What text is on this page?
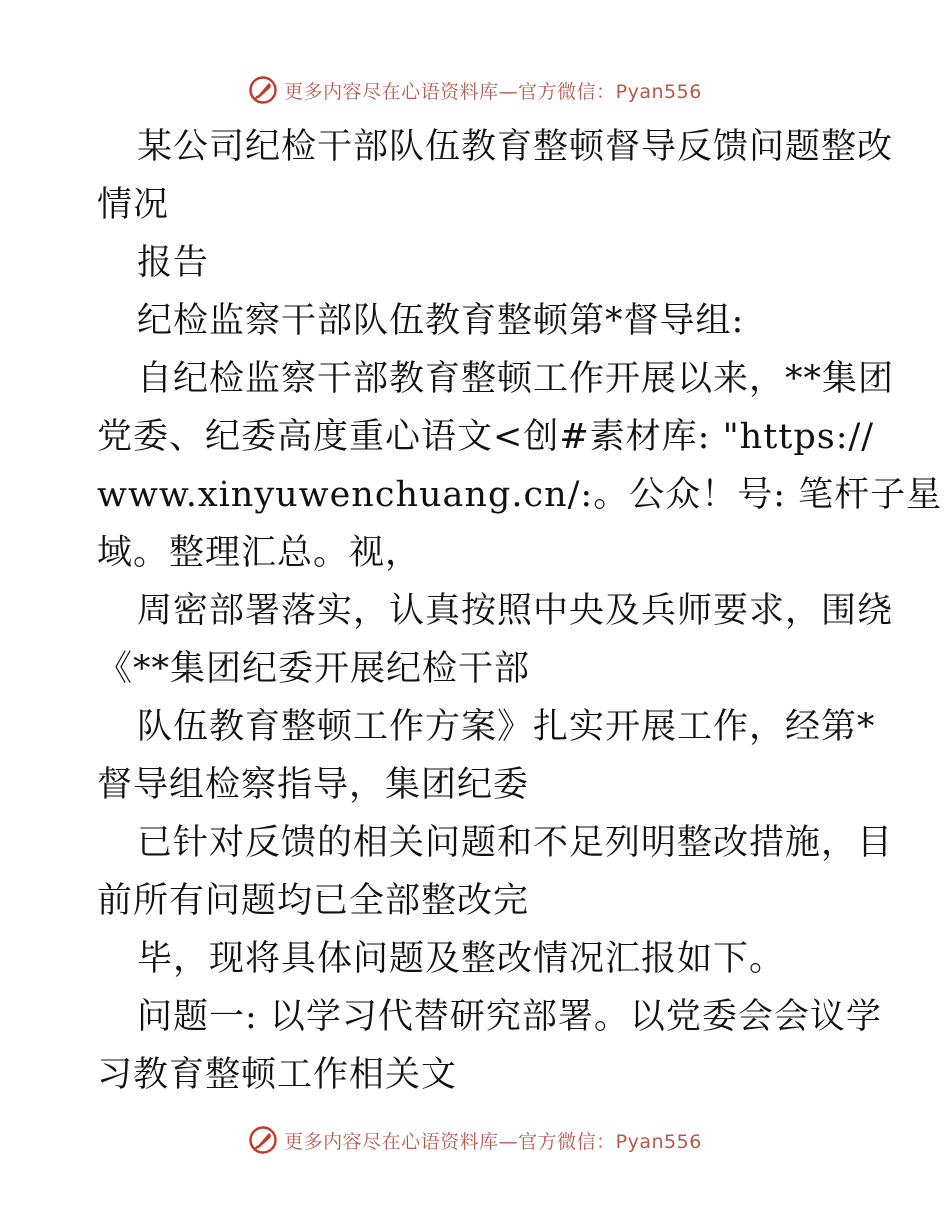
更多内容尽在心语资料库—官方微信：Pyan556
某公司纪检干部队伍教育整顿督导反馈问题整改
情况
报告
纪检监察干部队伍教育整顿第*督导组:
自纪检监察干部教育整顿工作开展以来，**集团
党委、纪委高度重心语文<创#素材库: "https://
www.xinyuwenchuang.cn/:。公众！号: 笔杆子星
域。整理汇总。视，
周密部署落实，认真按照中央及兵师要求，围绕
《**集团纪委开展纪检干部
队伍教育整顿工作方案》扎实开展工作，经第*
督导组检察指导，集团纪委
已针对反馈的相关问题和不足列明整改措施，目
前所有问题均已全部整改完
毕，现将具体问题及整改情况汇报如下。
问题一: 以学习代替研究部署。以党委会会议学
习教育整顿工作相关文
更多内容尽在心语资料库—官方微信：Pyan556
